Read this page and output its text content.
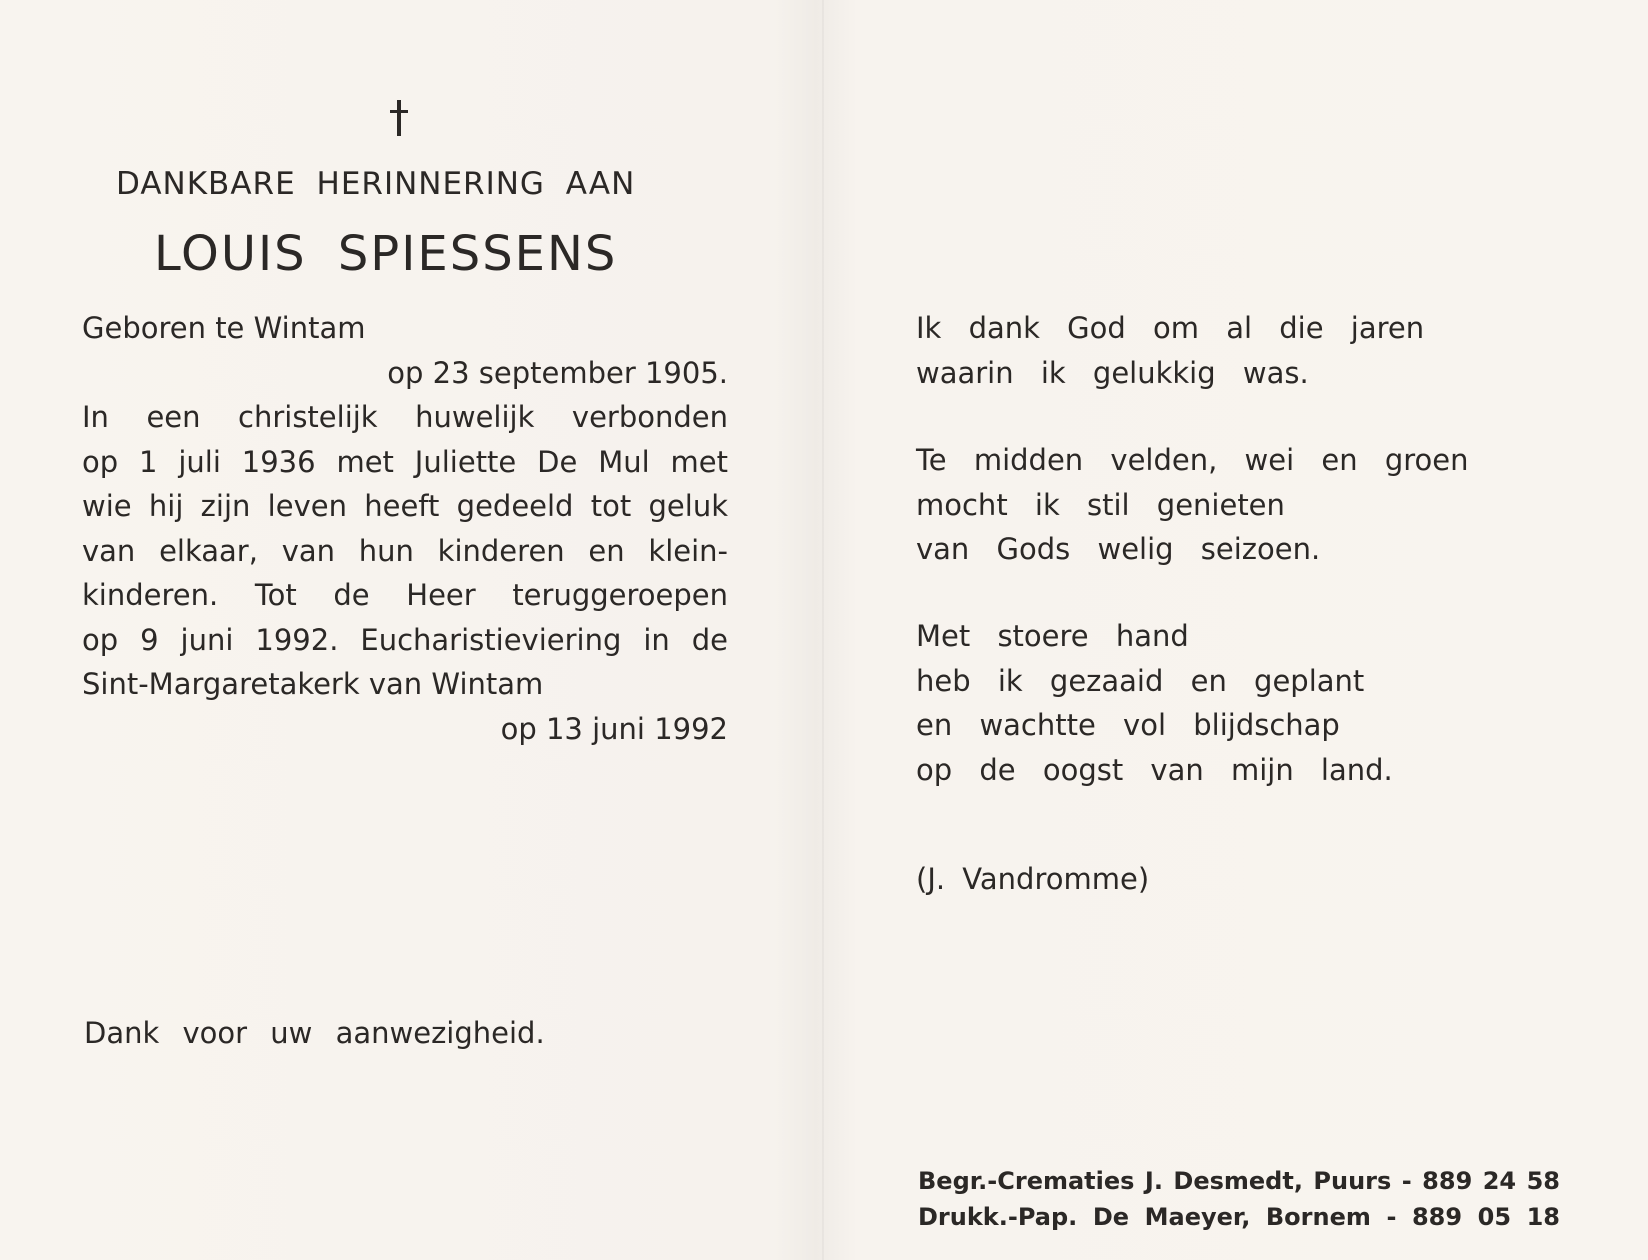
DANKBARE HERINNERING AAN
LOUIS SPIESSENS
Geboren te Wintam
op 23 september 1905.
In een christelijk huwelijk verbonden
op 1 juli 1936 met Juliette De Mul met
wie hij zijn leven heeft gedeeld tot geluk
van elkaar, van hun kinderen en klein-
kinderen. Tot de Heer teruggeroepen
op 9 juni 1992. Eucharistieviering in de
Sint-Margaretakerk van Wintam
op 13 juni 1992
Dank voor uw aanwezigheid.
Ik dank God om al die jaren
waarin ik gelukkig was.
Te midden velden, wei en groen
mocht ik stil genieten
van Gods welig seizoen.
Met stoere hand
heb ik gezaaid en geplant
en wachtte vol blijdschap
op de oogst van mijn land.
(J. Vandromme)
Begr.-Crematies J. Desmedt, Puurs - 889 24 58
Drukk.-Pap. De Maeyer, Bornem - 889 05 18
